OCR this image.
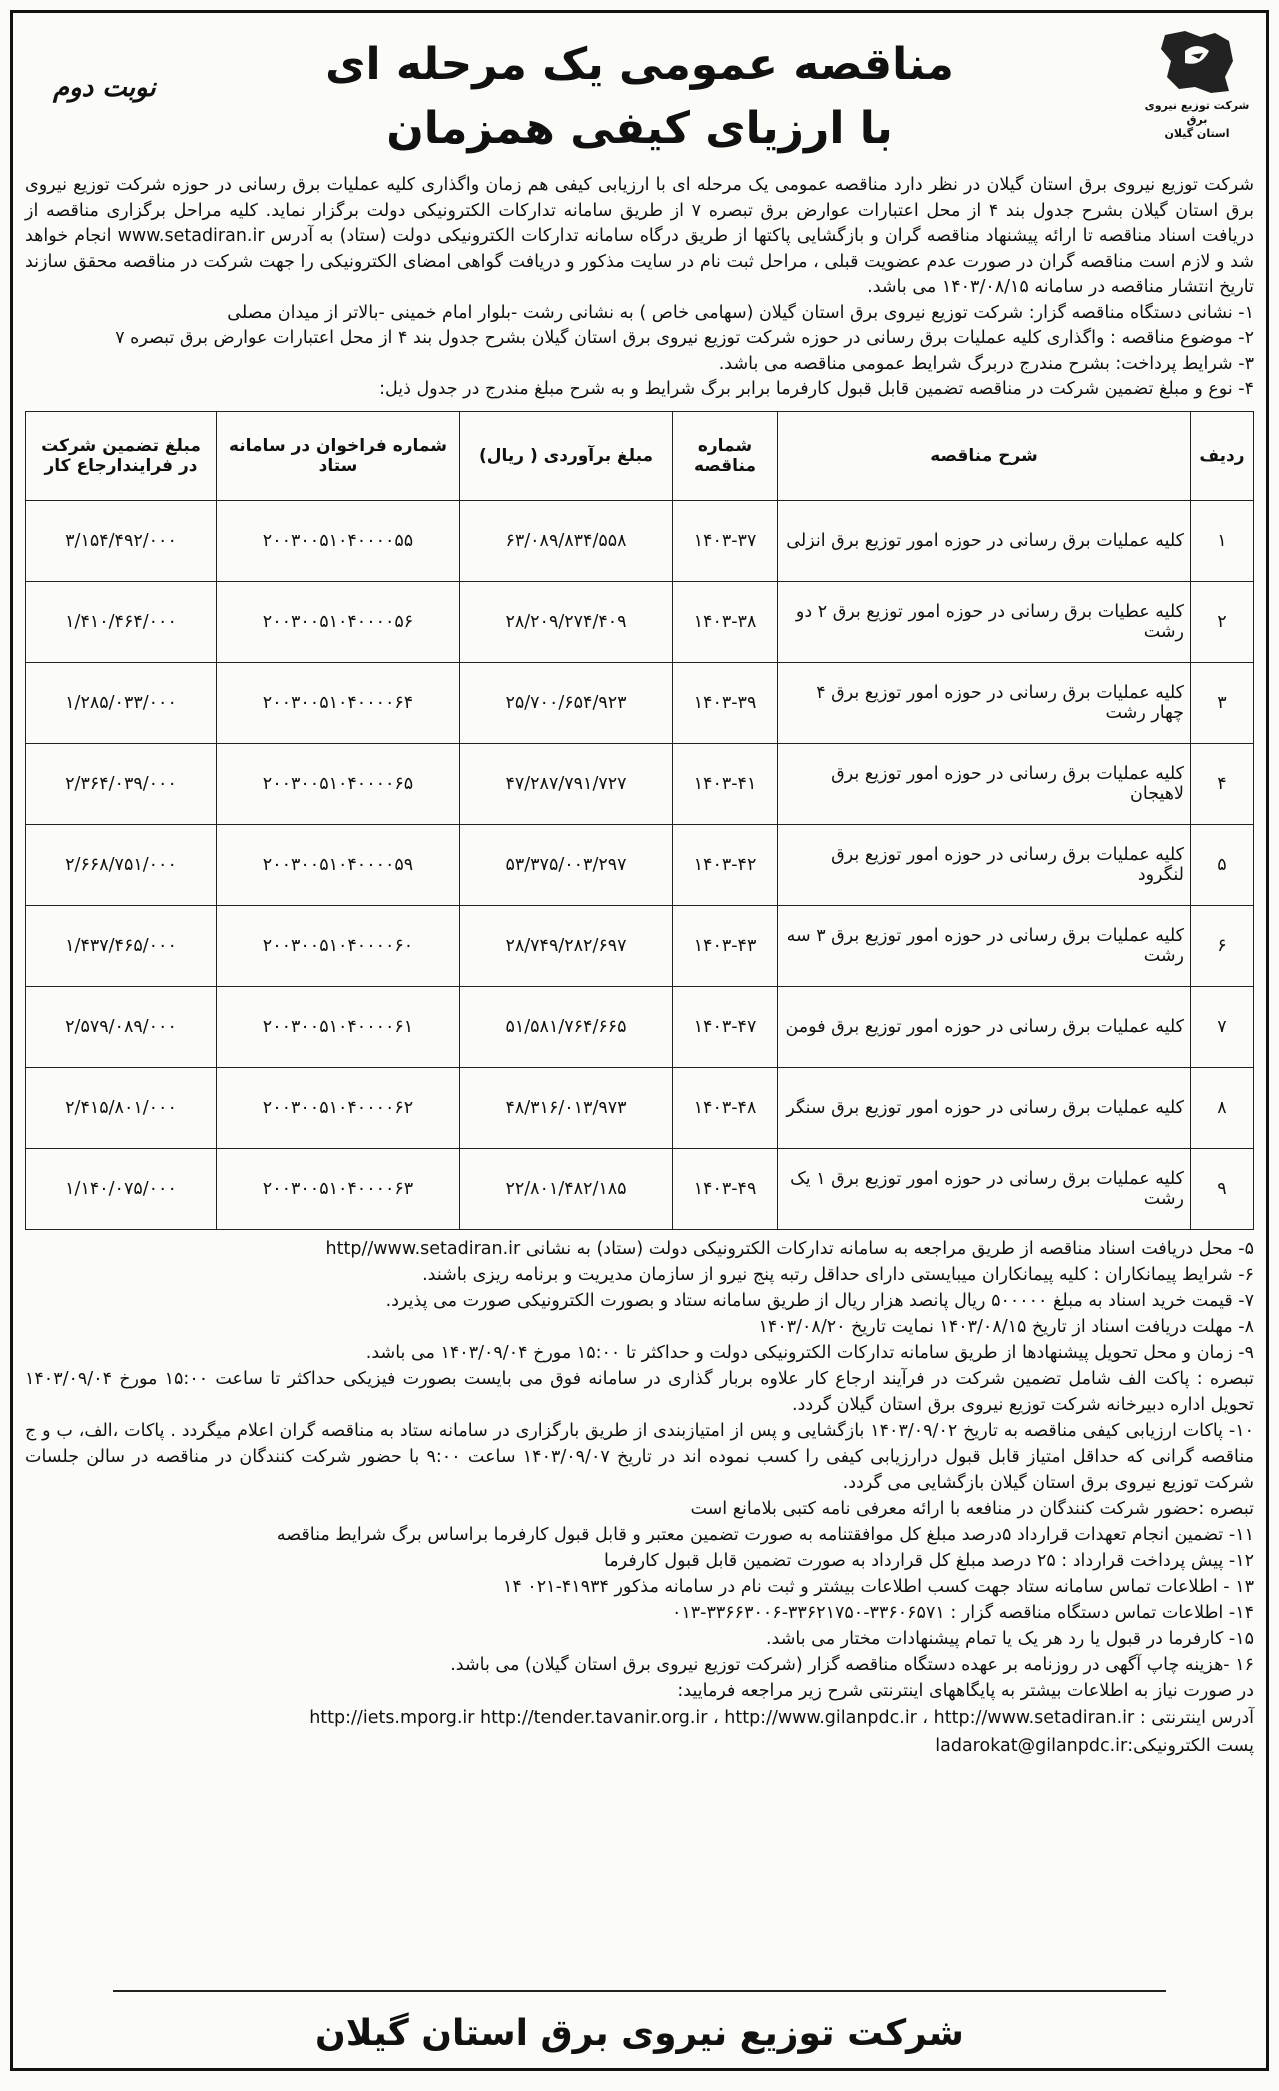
شرکت توزیع نیروی برق
استان گیلان
مناقصه عمومی یک مرحله ای
با ارزیای کیفی همزمان
نوبت دوم

شرکت توزیع نیروی برق استان گیلان در نظر دارد مناقصه عمومی یک مرحله ای با ارزیابی کیفی هم زمان واگذاری کلیه عملیات برق رسانی در حوزه شرکت توزیع نیروی برق استان گیلان بشرح جدول بند ۴ از محل اعتبارات عوارض برق تبصره ۷ از طریق سامانه تدارکات الکترونیکی دولت برگزار نماید. کلیه مراحل برگزاری مناقصه از دریافت اسناد مناقصه تا ارائه پیشنهاد مناقصه گران و بازگشایی پاکتها از طریق درگاه سامانه تدارکات الکترونیکی دولت (ستاد) به آدرس www.setadiran.ir انجام خواهد شد و لازم است مناقصه گران در صورت عدم عضویت قبلی ، مراحل ثبت نام در سایت مذکور و دریافت گواهی امضای الکترونیکی را جهت شرکت در مناقصه محقق سازند تاریخ انتشار مناقصه در سامانه ۱۴۰۳/۰۸/۱۵ می باشد.

۱- نشانی دستگاه مناقصه گزار: شرکت توزیع نیروی برق استان گیلان (سهامی خاص ) به نشانی رشت -بلوار امام خمینی -بالاتر از میدان مصلی

۲- موضوع مناقصه : واگذاری کلیه عملیات برق رسانی در حوزه شرکت توزیع نیروی برق استان گیلان بشرح جدول بند ۴ از محل اعتبارات عوارض برق تبصره ۷

۳- شرایط پرداخت: بشرح مندرج دربرگ شرایط عمومی مناقصه می باشد.

۴- نوع و مبلغ تضمین شرکت در مناقصه تضمین قابل قبول کارفرما برابر برگ شرایط و به شرح مبلغ مندرج در جدول ذیل:

ردیف	شرح مناقصه	شماره مناقصه	مبلغ برآوردی ( ریال)	شماره فراخوان در سامانه ستاد	مبلغ تضمین شرکت در فرایندارجاع کار
۱	کلیه عملیات برق رسانی در حوزه امور توزیع برق انزلی	۱۴۰۳-۳۷	۶۳/۰۸۹/۸۳۴/۵۵۸	۲۰۰۳۰۰۵۱۰۴۰۰۰۰۵۵	۳/۱۵۴/۴۹۲/۰۰۰
۲	کلیه عطیات برق رسانی در حوزه امور توزیع برق ۲ دو رشت	۱۴۰۳-۳۸	۲۸/۲۰۹/۲۷۴/۴۰۹	۲۰۰۳۰۰۵۱۰۴۰۰۰۰۵۶	۱/۴۱۰/۴۶۴/۰۰۰
۳	کلیه عملیات برق رسانی در حوزه امور توزیع برق ۴ چهار رشت	۱۴۰۳-۳۹	۲۵/۷۰۰/۶۵۴/۹۲۳	۲۰۰۳۰۰۵۱۰۴۰۰۰۰۶۴	۱/۲۸۵/۰۳۳/۰۰۰
۴	کلیه عملیات برق رسانی در حوزه امور توزیع برق لاهیجان	۱۴۰۳-۴۱	۴۷/۲۸۷/۷۹۱/۷۲۷	۲۰۰۳۰۰۵۱۰۴۰۰۰۰۶۵	۲/۳۶۴/۰۳۹/۰۰۰
۵	کلیه عملیات برق رسانی در حوزه امور توزیع برق لنگرود	۱۴۰۳-۴۲	۵۳/۳۷۵/۰۰۳/۲۹۷	۲۰۰۳۰۰۵۱۰۴۰۰۰۰۵۹	۲/۶۶۸/۷۵۱/۰۰۰
۶	کلیه عملیات برق رسانی در حوزه امور توزیع برق ۳ سه رشت	۱۴۰۳-۴۳	۲۸/۷۴۹/۲۸۲/۶۹۷	۲۰۰۳۰۰۵۱۰۴۰۰۰۰۶۰	۱/۴۳۷/۴۶۵/۰۰۰
۷	کلیه عملیات برق رسانی در حوزه امور توزیع برق فومن	۱۴۰۳-۴۷	۵۱/۵۸۱/۷۶۴/۶۶۵	۲۰۰۳۰۰۵۱۰۴۰۰۰۰۶۱	۲/۵۷۹/۰۸۹/۰۰۰
۸	کلیه عملیات برق رسانی در حوزه امور توزیع برق سنگر	۱۴۰۳-۴۸	۴۸/۳۱۶/۰۱۳/۹۷۳	۲۰۰۳۰۰۵۱۰۴۰۰۰۰۶۲	۲/۴۱۵/۸۰۱/۰۰۰
۹	کلیه عملیات برق رسانی در حوزه امور توزیع برق ۱ یک رشت	۱۴۰۳-۴۹	۲۲/۸۰۱/۴۸۲/۱۸۵	۲۰۰۳۰۰۵۱۰۴۰۰۰۰۶۳	۱/۱۴۰/۰۷۵/۰۰۰

۵- محل دریافت اسناد مناقصه از طریق مراجعه به سامانه تدارکات الکترونیکی دولت (ستاد) به نشانی http//www.setadiran.ir

۶- شرایط پیمانکاران : کلیه پیمانکاران میبایستی دارای حداقل رتبه پنج نیرو از سازمان مدیریت و برنامه ریزی باشند.

۷- قیمت خرید اسناد به مبلغ ۵۰۰۰۰۰ ریال پانصد هزار ریال از طریق سامانه ستاد و بصورت الکترونیکی صورت می پذیرد.

۸- مهلت دریافت اسناد از تاریخ ۱۴۰۳/۰۸/۱۵ نمایت تاریخ ۱۴۰۳/۰۸/۲۰

۹- زمان و محل تحویل پیشنهادها از طریق سامانه تدارکات الکترونیکی دولت و حداکثر تا ۱۵:۰۰ مورخ ۱۴۰۳/۰۹/۰۴ می باشد.

تبصره : پاکت الف شامل تضمین شرکت در فرآیند ارجاع کار علاوه بربار گذاری در سامانه فوق می بایست بصورت فیزیکی حداکثر تا ساعت ۱۵:۰۰ مورخ ۱۴۰۳/۰۹/۰۴ تحویل اداره دبیرخانه شرکت توزیع نیروی برق استان گیلان گردد.

۱۰- پاکات ارزیابی کیفی مناقصه به تاریخ ۱۴۰۳/۰۹/۰۲ بازگشایی و پس از امتیازبندی از طریق بارگزاری در سامانه ستاد به مناقصه گران اعلام میگردد . پاکات ،الف، ب و ج مناقصه گرانی که حداقل امتیاز قابل قبول درارزیابی کیفی را کسب نموده اند در تاریخ ۱۴۰۳/۰۹/۰۷ ساعت ۹:۰۰ با حضور شرکت کنندگان در مناقصه در سالن جلسات شرکت توزیع نیروی برق استان گیلان بازگشایی می گردد.

تبصره :حضور شرکت کنندگان در منافعه با ارائه معرفی نامه کتبی بلامانع است

۱۱- تضمین انجام تعهدات قرارداد ۵درصد مبلغ کل موافقتنامه به صورت تضمین معتبر و قابل قبول کارفرما براساس برگ شرایط مناقصه

۱۲- پیش پرداخت قرارداد : ۲۵ درصد مبلغ کل قرارداد به صورت تضمین قابل قبول کارفرما

۱۳ - اطلاعات تماس سامانه ستاد جهت کسب اطلاعات بیشتر و ثبت نام در سامانه مذکور ۴۱۹۳۴-۰۲۱ ۱۴

۱۴- اطلاعات تماس دستگاه مناقصه گزار : ۳۳۶۰۶۵۷۱-۳۳۶۲۱۷۵۰-۳۳۶۶۳۰۰۶-۰۱۳

۱۵- کارفرما در قبول یا رد هر یک یا تمام پیشنهادات مختار می باشد.

۱۶ -هزینه چاپ آگهی در روزنامه بر عهده دستگاه مناقصه گزار (شرکت توزیع نیروی برق استان گیلان) می باشد.

در صورت نیاز به اطلاعات بیشتر به پایگاههای اینترنتی شرح زیر مراجعه فرمایید:

آدرس اینترنتی : http://iets.mporg.ir http://tender.tavanir.org.ir ، http://www.gilanpdc.ir ، http://www.setadiran.ir

پست الکترونیکی:ladarokat@gilanpdc.ir

شرکت توزیع نیروی برق استان گیلان
